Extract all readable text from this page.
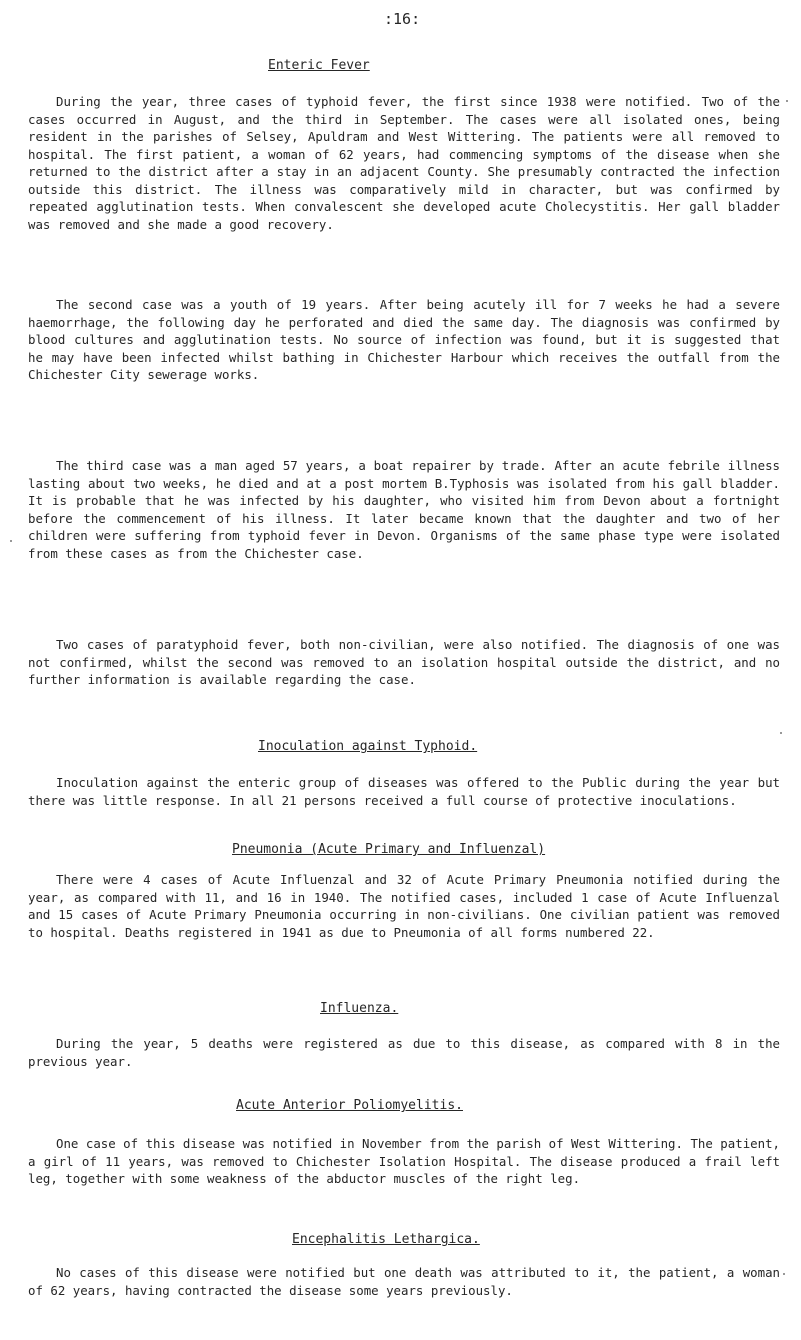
:16:
Enteric Fever
During the year, three cases of typhoid fever, the first since 1938 were notified. Two of the cases occurred in August, and the third in September. The cases were all isolated ones, being resident in the parishes of Selsey, Apuldram and West Wittering. The patients were all removed to hospital. The first patient, a woman of 62 years, had commencing symptoms of the disease when she returned to the district after a stay in an adjacent County. She presumably contracted the infection outside this district. The illness was comparatively mild in character, but was confirmed by repeated agglutination tests. When convalescent she developed acute Cholecystitis. Her gall bladder was removed and she made a good recovery.
The second case was a youth of 19 years. After being acutely ill for 7 weeks he had a severe haemorrhage, the following day he perforated and died the same day. The diagnosis was confirmed by blood cultures and agglutination tests. No source of infection was found, but it is suggested that he may have been infected whilst bathing in Chichester Harbour which receives the outfall from the Chichester City sewerage works.
The third case was a man aged 57 years, a boat repairer by trade. After an acute febrile illness lasting about two weeks, he died and at a post mortem B.Typhosis was isolated from his gall bladder. It is probable that he was infected by his daughter, who visited him from Devon about a fortnight before the commencement of his illness. It later became known that the daughter and two of her children were suffering from typhoid fever in Devon. Organisms of the same phase type were isolated from these cases as from the Chichester case.
Two cases of paratyphoid fever, both non-civilian, were also notified. The diagnosis of one was not confirmed, whilst the second was removed to an isolation hospital outside the district, and no further information is available regarding the case.
Inoculation against Typhoid.
Inoculation against the enteric group of diseases was offered to the Public during the year but there was little response. In all 21 persons received a full course of protective inoculations.
Pneumonia (Acute Primary and Influenzal)
There were 4 cases of Acute Influenzal and 32 of Acute Primary Pneumonia notified during the year, as compared with 11, and 16 in 1940. The notified cases, included 1 case of Acute Influenzal and 15 cases of Acute Primary Pneumonia occurring in non-civilians. One civilian patient was removed to hospital. Deaths registered in 1941 as due to Pneumonia of all forms numbered 22.
Influenza.
During the year, 5 deaths were registered as due to this disease, as compared with 8 in the previous year.
Acute Anterior Poliomyelitis.
One case of this disease was notified in November from the parish of West Wittering. The patient, a girl of 11 years, was removed to Chichester Isolation Hospital. The disease produced a frail left leg, together with some weakness of the abductor muscles of the right leg.
Encephalitis Lethargica.
No cases of this disease were notified but one death was attributed to it, the patient, a woman of 62 years, having contracted the disease some years previously.
